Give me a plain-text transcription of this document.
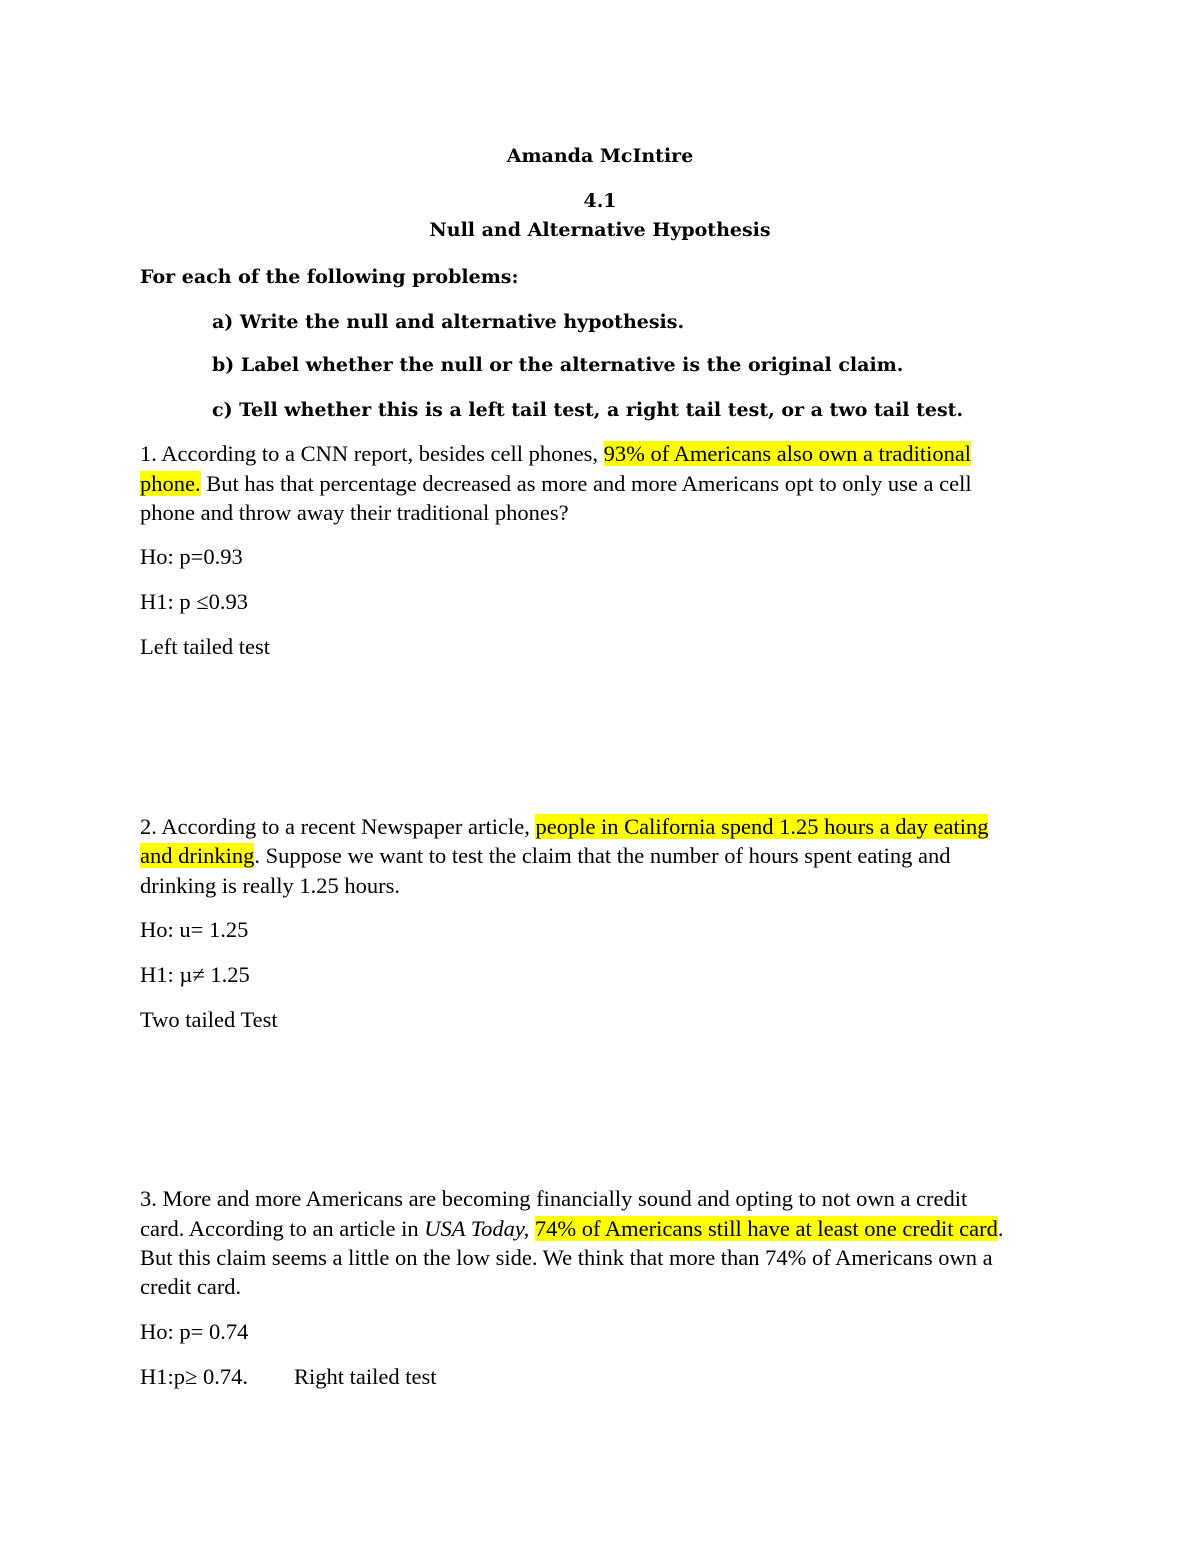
Amanda McIntire
4.1
Null and Alternative Hypothesis
For each of the following problems:
a) Write the null and alternative hypothesis.
b) Label whether the null or the alternative is the original claim.
c) Tell whether this is a left tail test, a right tail test, or a two tail test.
1. According to a CNN report, besides cell phones, 93% of Americans also own a traditional
phone. But has that percentage decreased as more and more Americans opt to only use a cell
phone and throw away their traditional phones?
Ho: p=0.93
H1: p ≤0.93
Left tailed test
2. According to a recent Newspaper article, people in California spend 1.25 hours a day eating
and drinking. Suppose we want to test the claim that the number of hours spent eating and
drinking is really 1.25 hours.
Ho: u= 1.25
H1: µ≠ 1.25
Two tailed Test
3. More and more Americans are becoming financially sound and opting to not own a credit
card. According to an article in USA Today, 74% of Americans still have at least one credit card.
But this claim seems a little on the low side. We think that more than 74% of Americans own a
credit card.
Ho: p= 0.74
H1:p≥ 0.74. Right tailed test
